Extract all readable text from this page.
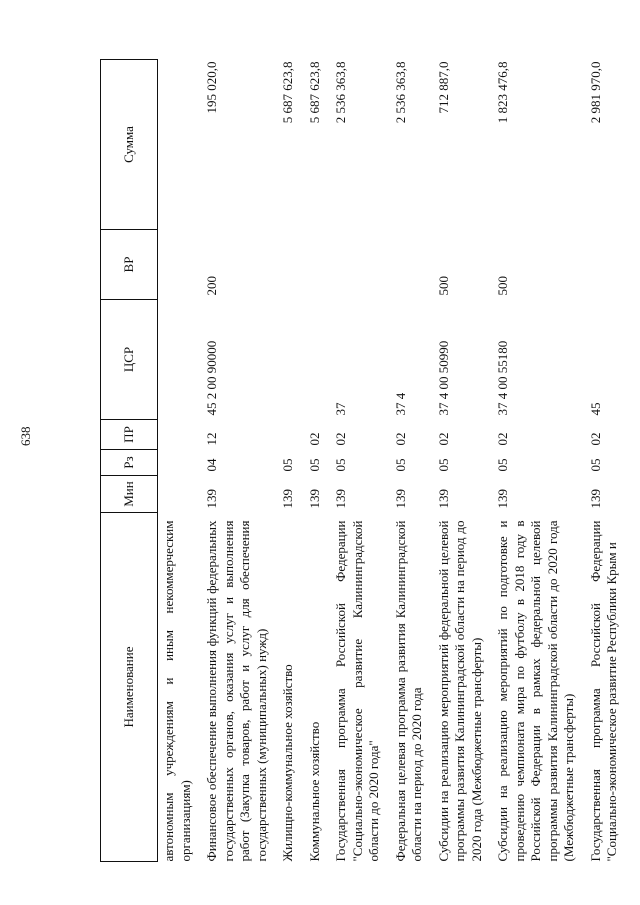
638
Наименование	Мин	Рз	ПР	ЦСР	ВР	Сумма
автономным учреждениям и иным некоммерческим организациям)						
Финансовое обеспечение выполнения функций федеральных государственных органов, оказания услуг и выполнения работ (Закупка товаров, работ и услуг для обеспечения государственных (муниципальных) нужд)	139	04	12	45 2 00 90000	200	195 020,0
Жилищно-коммунальное хозяйство	139	05				5 687 623,8
Коммунальное хозяйство	139	05	02			5 687 623,8
Государственная программа Российской Федерации "Социально-экономическое развитие Калининградской области до 2020 года"	139	05	02	37		2 536 363,8
Федеральная целевая программа развития Калининградской области на период до 2020 года	139	05	02	37 4		2 536 363,8
Субсидии на реализацию мероприятий федеральной целевой программы развития Калининградской области на период до 2020 года (Межбюджетные трансферты)	139	05	02	37 4 00 50990	500	712 887,0
Субсидии на реализацию мероприятий по подготовке и проведению чемпионата мира по футболу в 2018 году в Российской Федерации в рамках федеральной целевой программы развития Калининградской области до 2020 года (Межбюджетные трансферты)	139	05	02	37 4 00 55180	500	1 823 476,8
Государственная программа Российской Федерации "Социально-экономическое развитие Республики Крым и	139	05	02	45		2 981 970,0
